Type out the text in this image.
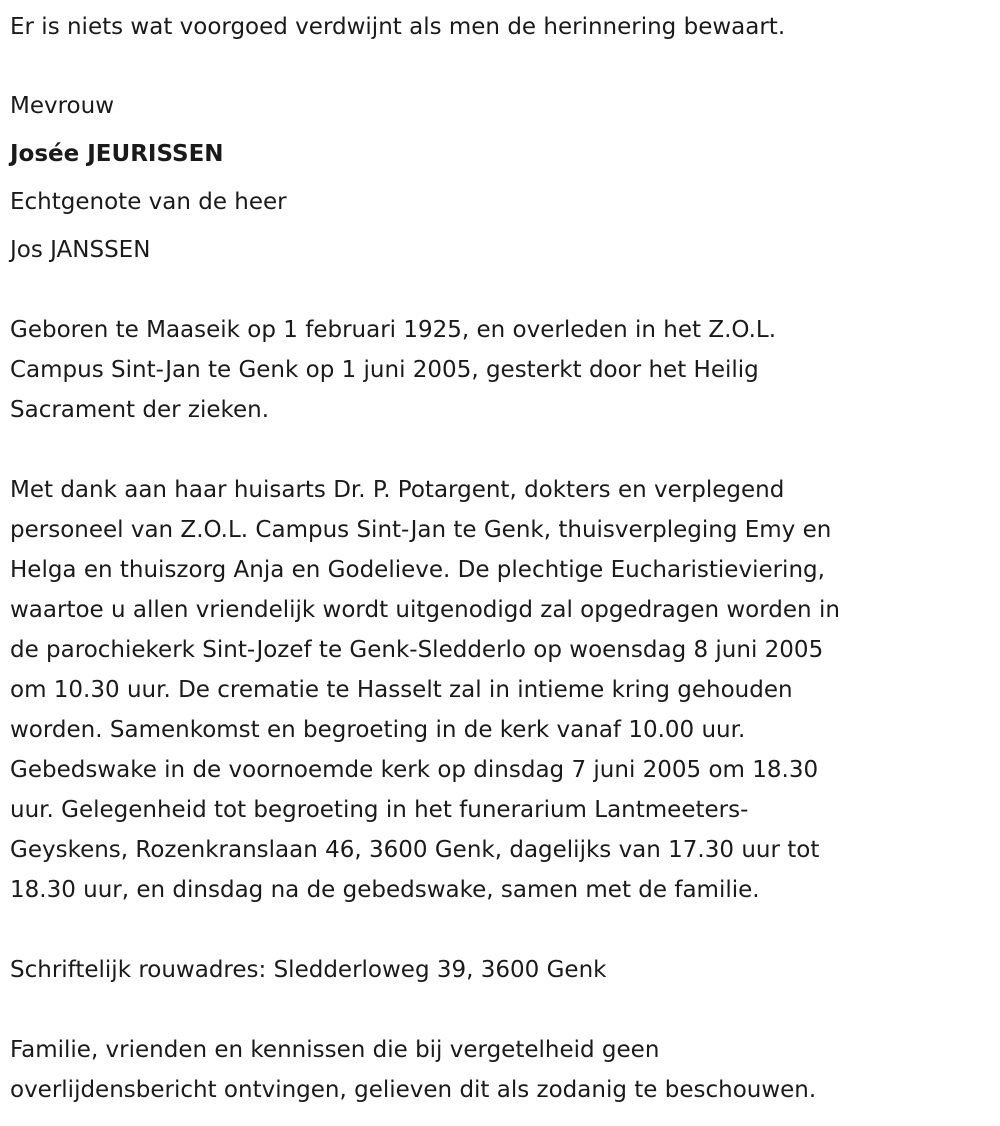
Er is niets wat voorgoed verdwijnt als men de herinnering bewaart.
Mevrouw
Josée JEURISSEN
Echtgenote van de heer
Jos JANSSEN
Geboren te Maaseik op 1 februari 1925, en overleden in het Z.O.L.
Campus Sint-Jan te Genk op 1 juni 2005, gesterkt door het Heilig
Sacrament der zieken.
Met dank aan haar huisarts Dr. P. Potargent, dokters en verplegend
personeel van Z.O.L. Campus Sint-Jan te Genk, thuisverpleging Emy en
Helga en thuiszorg Anja en Godelieve. De plechtige Eucharistieviering,
waartoe u allen vriendelijk wordt uitgenodigd zal opgedragen worden in
de parochiekerk Sint-Jozef te Genk-Sledderlo op woensdag 8 juni 2005
om 10.30 uur. De crematie te Hasselt zal in intieme kring gehouden
worden. Samenkomst en begroeting in de kerk vanaf 10.00 uur.
Gebedswake in de voornoemde kerk op dinsdag 7 juni 2005 om 18.30
uur. Gelegenheid tot begroeting in het funerarium Lantmeeters-
Geyskens, Rozenkranslaan 46, 3600 Genk, dagelijks van 17.30 uur tot
18.30 uur, en dinsdag na de gebedswake, samen met de familie.
Schriftelijk rouwadres: Sledderloweg 39, 3600 Genk
Familie, vrienden en kennissen die bij vergetelheid geen
overlijdensbericht ontvingen, gelieven dit als zodanig te beschouwen.
